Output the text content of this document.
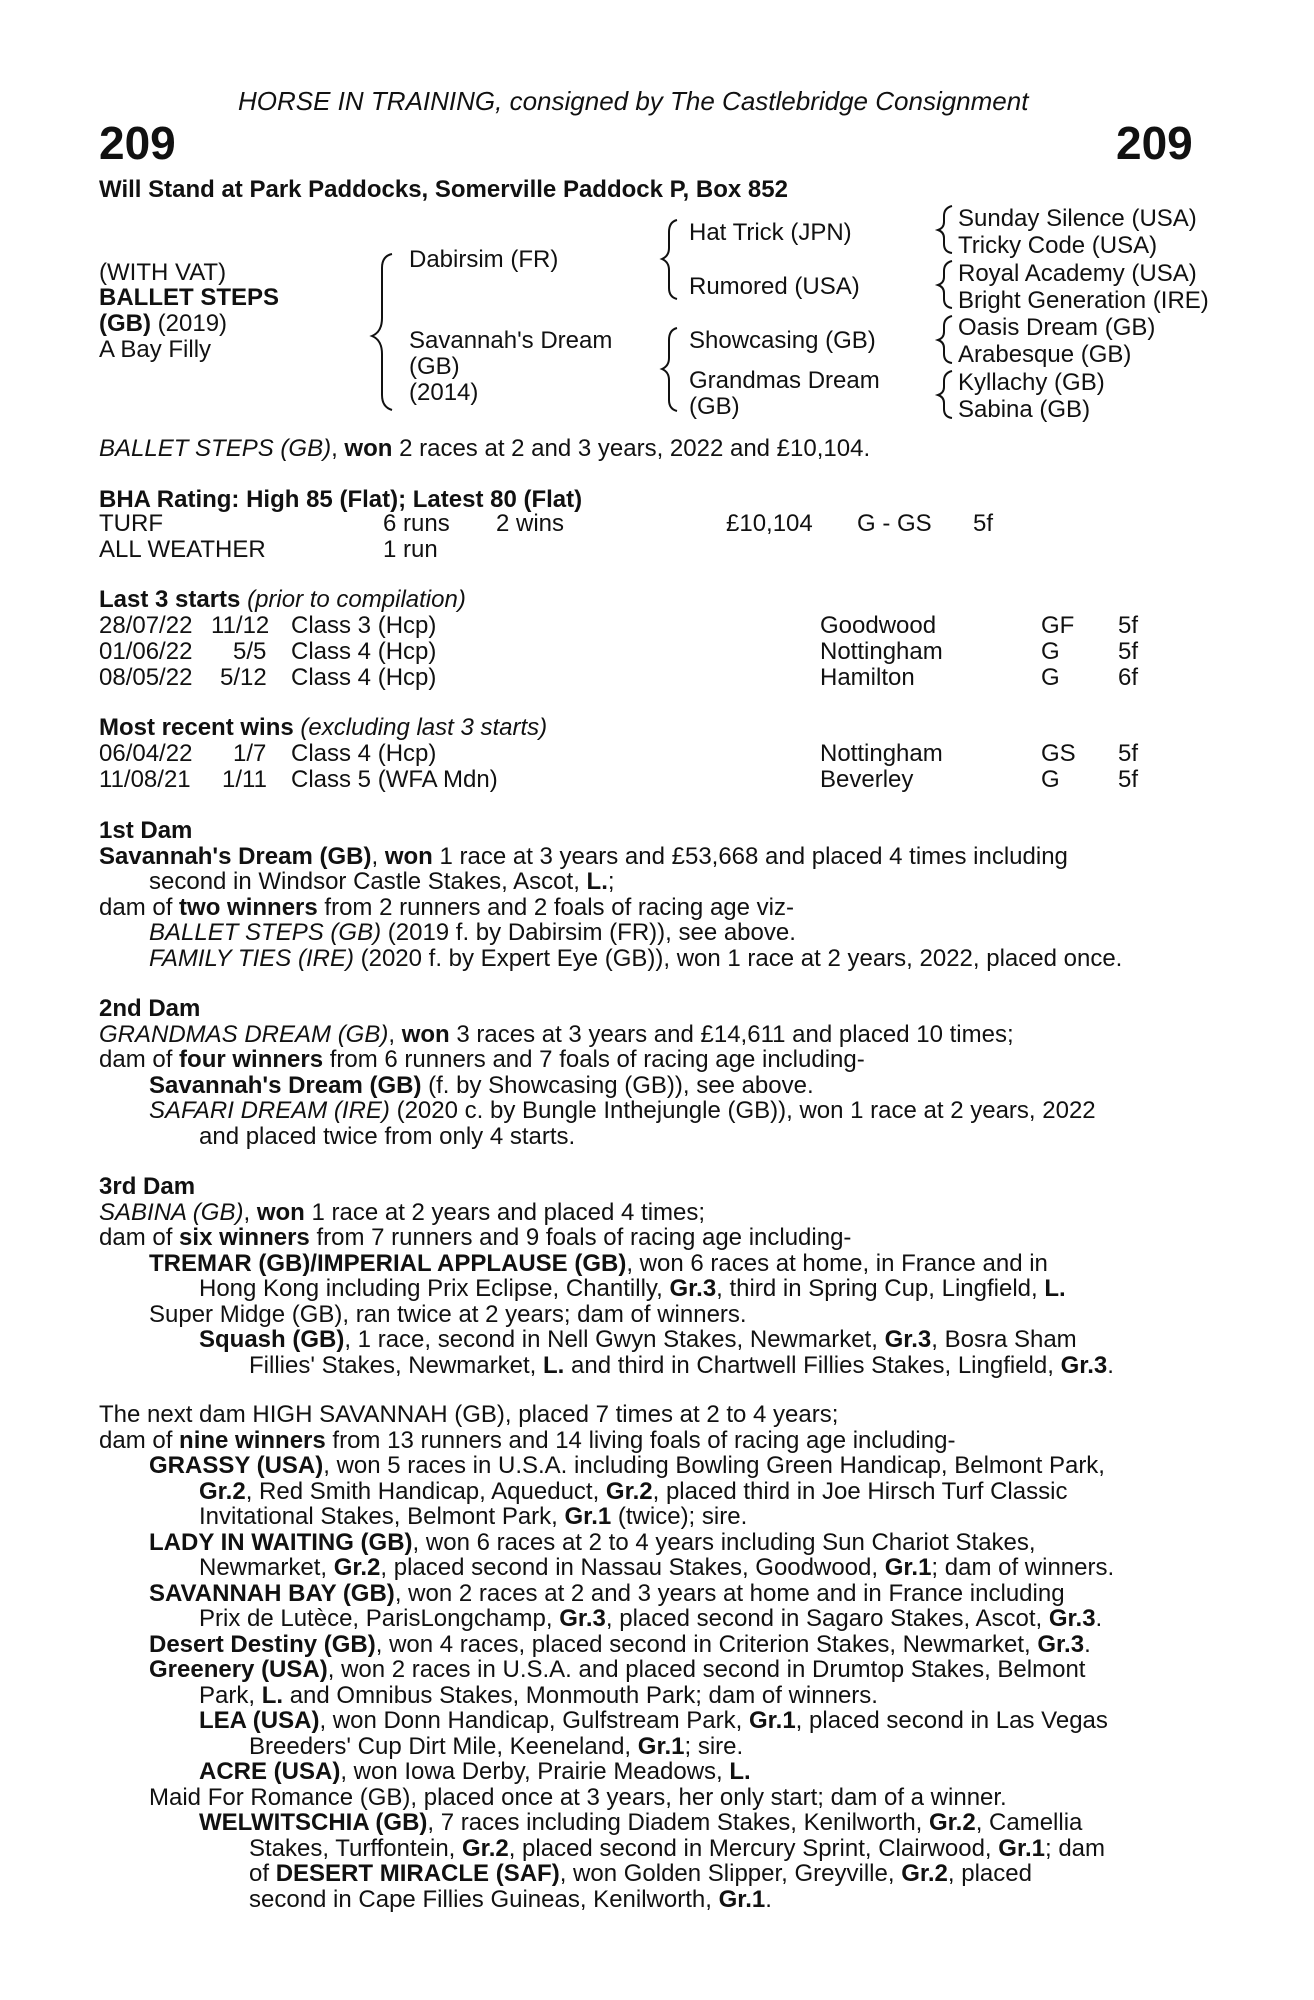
HORSE IN TRAINING, consigned by The Castlebridge Consignment
209	209
Will Stand at Park Paddocks, Somerville Paddock P, Box 852
(WITH VAT)
BALLET STEPS
(GB) (2019)
A Bay Filly
Dabirsim (FR)
Savannah's Dream
(GB)
(2014)
Hat Trick (JPN)
Rumored (USA)
Showcasing (GB)
Grandmas Dream
(GB)
Sunday Silence (USA)
Tricky Code (USA)
Royal Academy (USA)
Bright Generation (IRE)
Oasis Dream (GB)
Arabesque (GB)
Kyllachy (GB)
Sabina (GB)
BALLET STEPS (GB), won 2 races at 2 and 3 years, 2022 and £10,104.
BHA Rating: High 85 (Flat); Latest 80 (Flat)
TURF	6 runs 2 wins	£10,104 G - GS 5f
ALL WEATHER	1 run
Last 3 starts (prior to compilation)
28/07/22 11/12 Class 3 (Hcp)	Goodwood	GF 5f
01/06/22 5/5 Class 4 (Hcp)	Nottingham	G 5f
08/05/22 5/12 Class 4 (Hcp)	Hamilton	G 6f
Most recent wins (excluding last 3 starts)
06/04/22 1/7 Class 4 (Hcp)	Nottingham	GS 5f
11/08/21 1/11 Class 5 (WFA Mdn)	Beverley	G 5f

1st Dam

Savannah's Dream (GB), won 1 race at 3 years and £53,668 and placed 4 times including

second in Windsor Castle Stakes, Ascot, L.;

dam of two winners from 2 runners and 2 foals of racing age viz-

BALLET STEPS (GB) (2019 f. by Dabirsim (FR)), see above.

FAMILY TIES (IRE) (2020 f. by Expert Eye (GB)), won 1 race at 2 years, 2022, placed once.

2nd Dam

GRANDMAS DREAM (GB), won 3 races at 3 years and £14,611 and placed 10 times;

dam of four winners from 6 runners and 7 foals of racing age including-

Savannah's Dream (GB) (f. by Showcasing (GB)), see above.

SAFARI DREAM (IRE) (2020 c. by Bungle Inthejungle (GB)), won 1 race at 2 years, 2022

and placed twice from only 4 starts.

3rd Dam

SABINA (GB), won 1 race at 2 years and placed 4 times;

dam of six winners from 7 runners and 9 foals of racing age including-

TREMAR (GB)/IMPERIAL APPLAUSE (GB), won 6 races at home, in France and in

Hong Kong including Prix Eclipse, Chantilly, Gr.3, third in Spring Cup, Lingfield, L.

Super Midge (GB), ran twice at 2 years; dam of winners.

Squash (GB), 1 race, second in Nell Gwyn Stakes, Newmarket, Gr.3, Bosra Sham

Fillies' Stakes, Newmarket, L. and third in Chartwell Fillies Stakes, Lingfield, Gr.3.

The next dam HIGH SAVANNAH (GB), placed 7 times at 2 to 4 years;

dam of nine winners from 13 runners and 14 living foals of racing age including-

GRASSY (USA), won 5 races in U.S.A. including Bowling Green Handicap, Belmont Park,

Gr.2, Red Smith Handicap, Aqueduct, Gr.2, placed third in Joe Hirsch Turf Classic

Invitational Stakes, Belmont Park, Gr.1 (twice); sire.

LADY IN WAITING (GB), won 6 races at 2 to 4 years including Sun Chariot Stakes,

Newmarket, Gr.2, placed second in Nassau Stakes, Goodwood, Gr.1; dam of winners.

SAVANNAH BAY (GB), won 2 races at 2 and 3 years at home and in France including

Prix de Lutèce, ParisLongchamp, Gr.3, placed second in Sagaro Stakes, Ascot, Gr.3.

Desert Destiny (GB), won 4 races, placed second in Criterion Stakes, Newmarket, Gr.3.

Greenery (USA), won 2 races in U.S.A. and placed second in Drumtop Stakes, Belmont

Park, L. and Omnibus Stakes, Monmouth Park; dam of winners.

LEA (USA), won Donn Handicap, Gulfstream Park, Gr.1, placed second in Las Vegas

Breeders' Cup Dirt Mile, Keeneland, Gr.1; sire.

ACRE (USA), won Iowa Derby, Prairie Meadows, L.

Maid For Romance (GB), placed once at 3 years, her only start; dam of a winner.

WELWITSCHIA (GB), 7 races including Diadem Stakes, Kenilworth, Gr.2, Camellia

Stakes, Turffontein, Gr.2, placed second in Mercury Sprint, Clairwood, Gr.1; dam

of DESERT MIRACLE (SAF), won Golden Slipper, Greyville, Gr.2, placed

second in Cape Fillies Guineas, Kenilworth, Gr.1.
